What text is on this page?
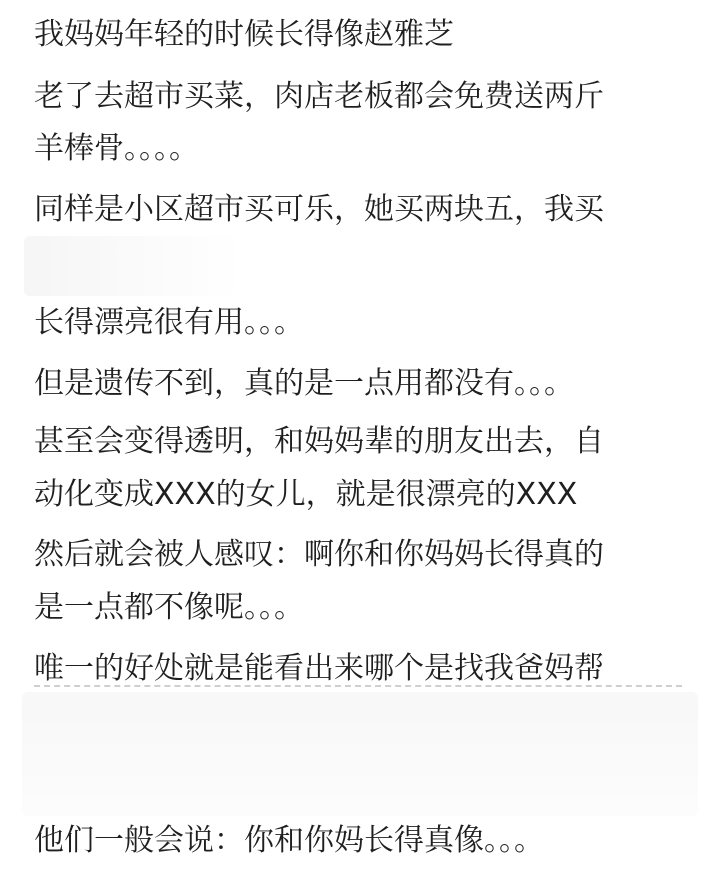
我妈妈年轻的时候长得像赵雅芝
老了去超市买菜，肉店老板都会免费送两斤
羊棒骨。。。。
同样是小区超市买可乐，她买两块五，我买
长得漂亮很有用。。。
但是遗传不到，真的是一点用都没有。。。
甚至会变得透明，和妈妈辈的朋友出去，自
动化变成XXX的女儿，就是很漂亮的XXX
然后就会被人感叹：啊你和你妈妈长得真的
是一点都不像呢。。。
唯一的好处就是能看出来哪个是找我爸妈帮
他们一般会说：你和你妈长得真像。。。
